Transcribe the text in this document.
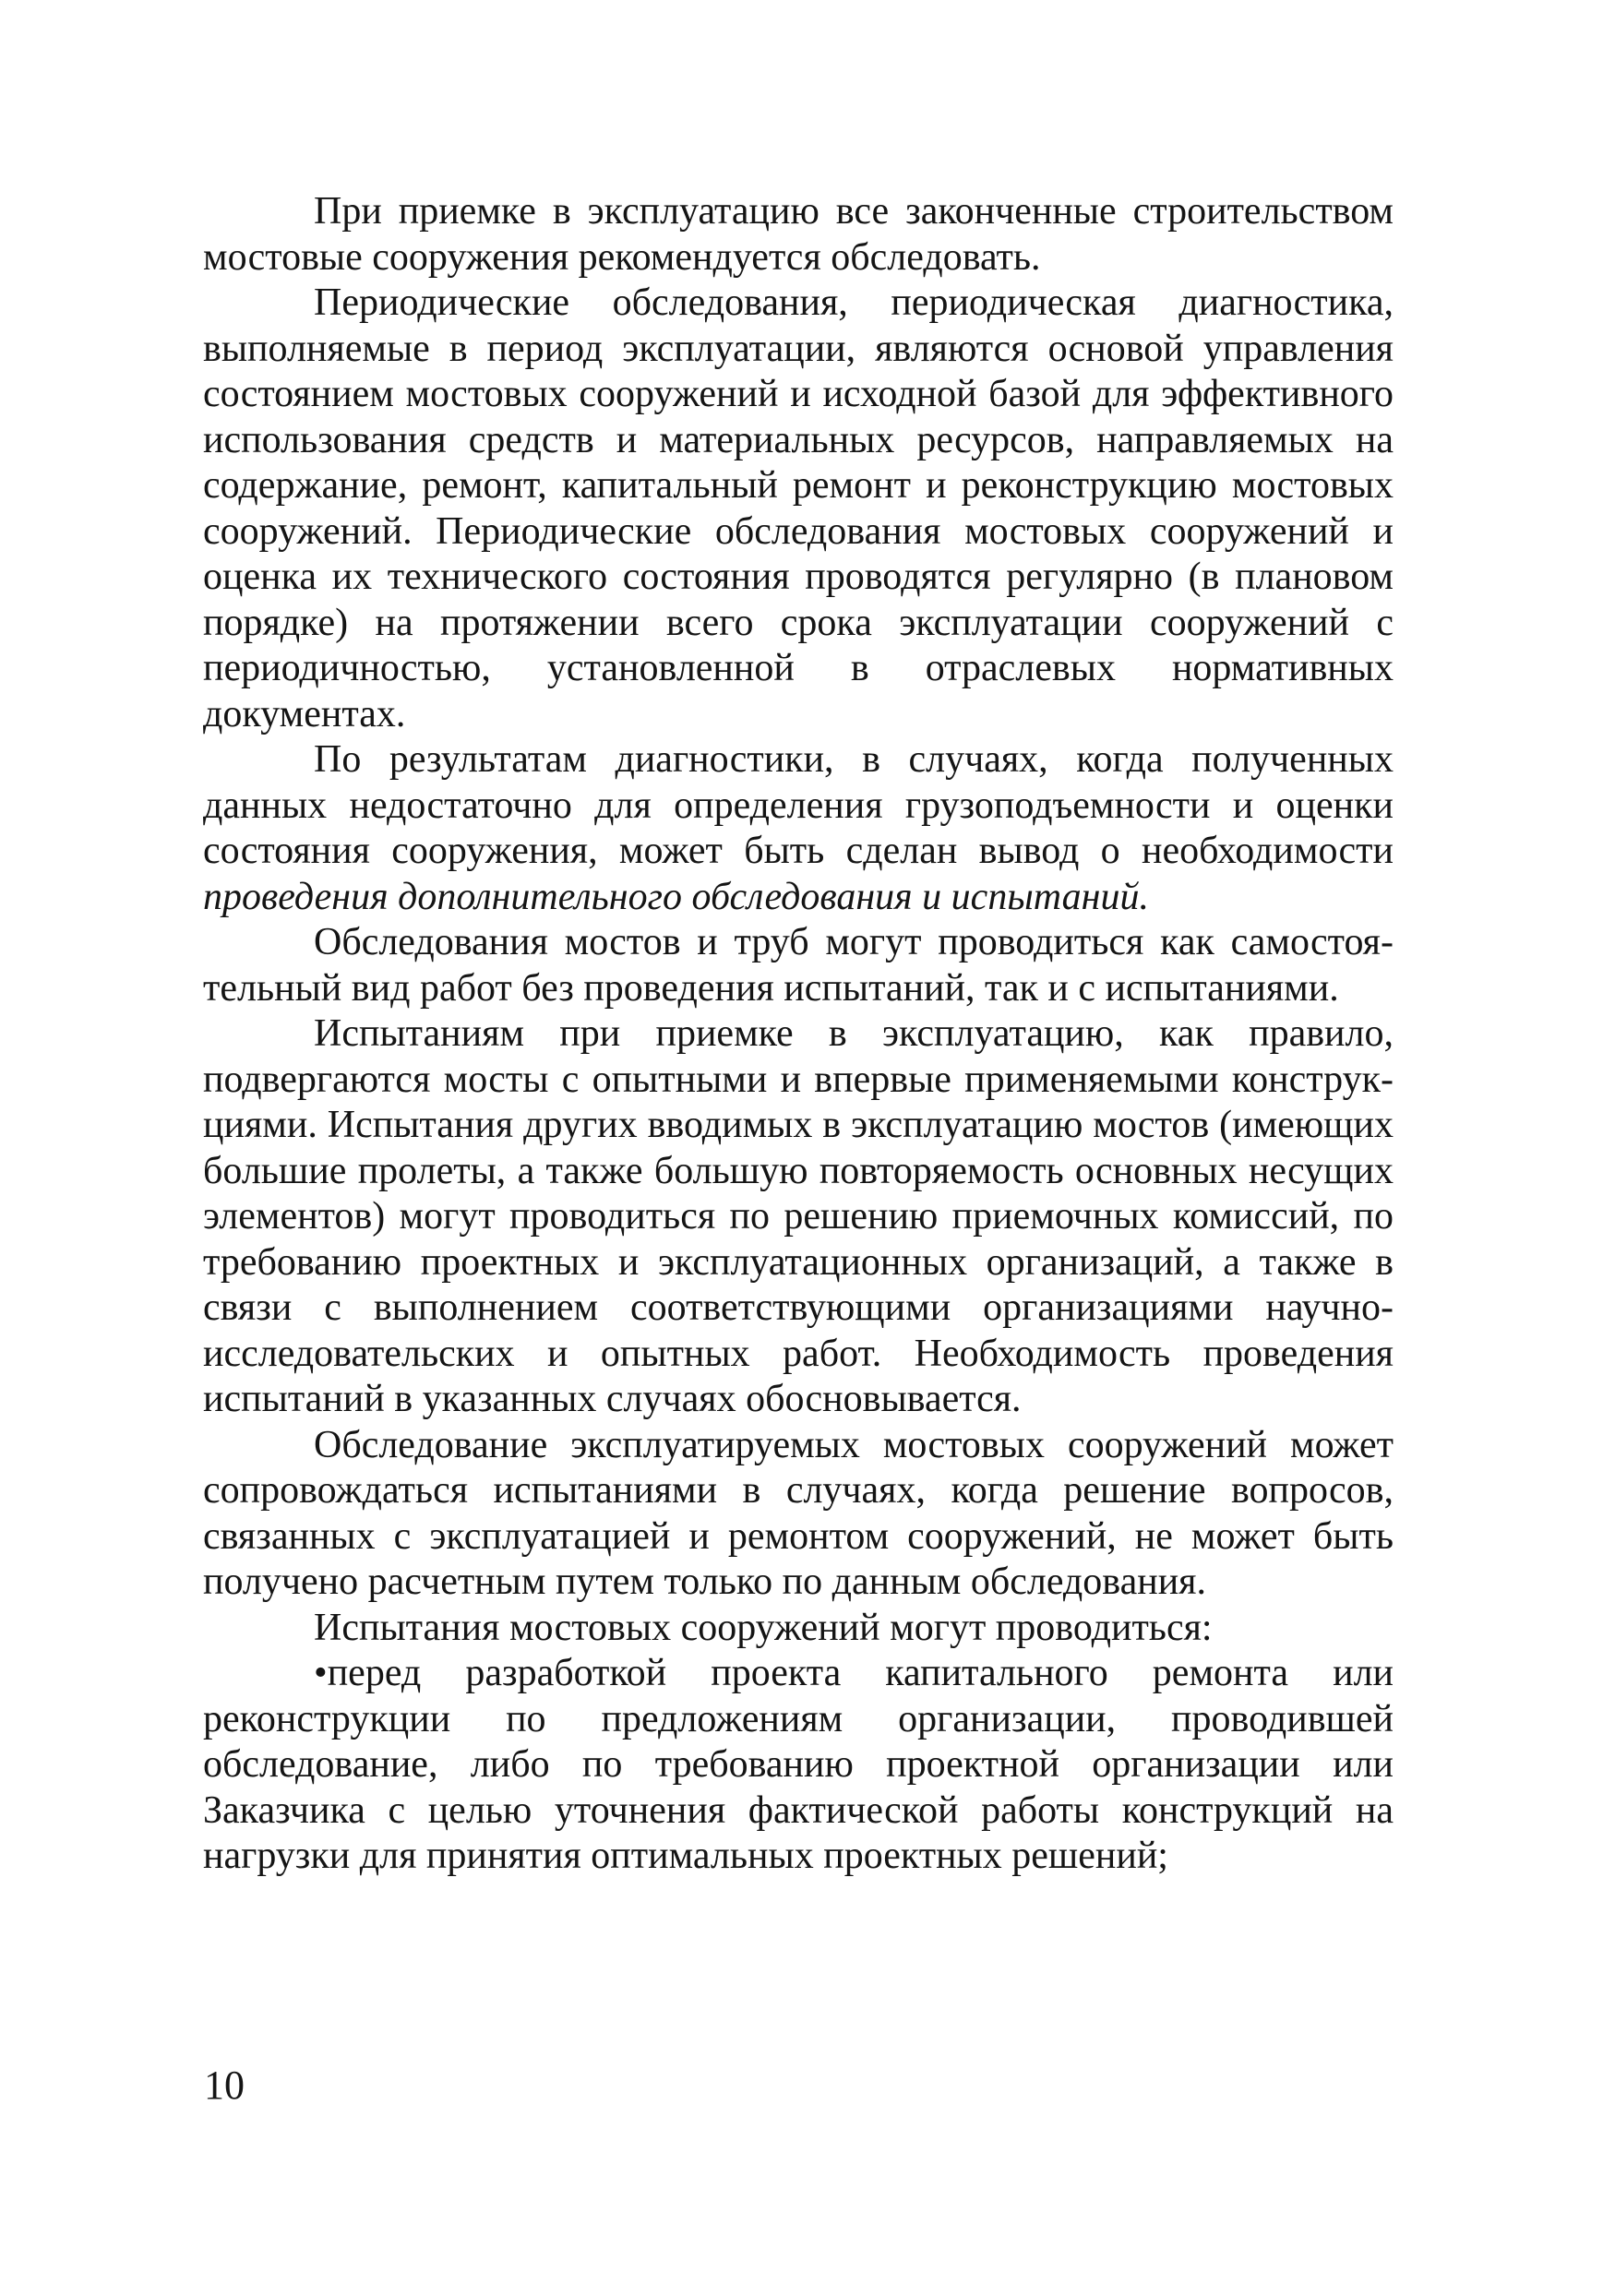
При приемке в эксплуатацию все законченные строительством мостовые сооружения рекомендуется обследовать.

Периодические обследования, периодическая диагностика, выполняемые в период эксплуатации, являются основой управления состоянием мостовых сооружений и исходной базой для эффективного использования средств и материальных ресурсов, направляемых на содержание, ремонт, капитальный ремонт и реконструкцию мостовых сооружений. Периодические обследования мостовых сооружений и оценка их технического состояния проводятся регулярно (в плановом порядке) на протяжении всего срока эксплуатации сооружений с периодичностью, установленной в отраслевых нормативных документах.

По результатам диагностики, в случаях, когда полученных данных недостаточно для определения грузоподъемности и оценки состояния сооружения, может быть сделан вывод о необходимости проведения дополнительного обследования и испытаний.

Обследования мостов и труб могут проводиться как самостоятельный вид работ без проведения испытаний, так и с испытаниями.

Испытаниям при приемке в эксплуатацию, как правило, подвергаются мосты с опытными и впервые применяемыми конструкциями. Испытания других вводимых в эксплуатацию мостов (имеющих большие пролеты, а также большую повторяемость основных несущих элементов) могут проводиться по решению приемочных комиссий, по требованию проектных и эксплуатационных организаций, а также в связи с выполнением соответствующими организациями научно-исследовательских и опытных работ. Необходимость проведения испытаний в указанных случаях обосновывается.

Обследование эксплуатируемых мостовых сооружений может сопровождаться испытаниями в случаях, когда решение вопросов, связанных с эксплуатацией и ремонтом сооружений, не может быть получено расчетным путем только по данным обследования.

Испытания мостовых сооружений могут проводиться:

•перед разработкой проекта капитального ремонта или реконструкции по предложениям организации, проводившей обследование, либо по требованию проектной организации или Заказчика с целью уточнения фактической работы конструкций на нагрузки для принятия оптимальных проектных решений;

10
